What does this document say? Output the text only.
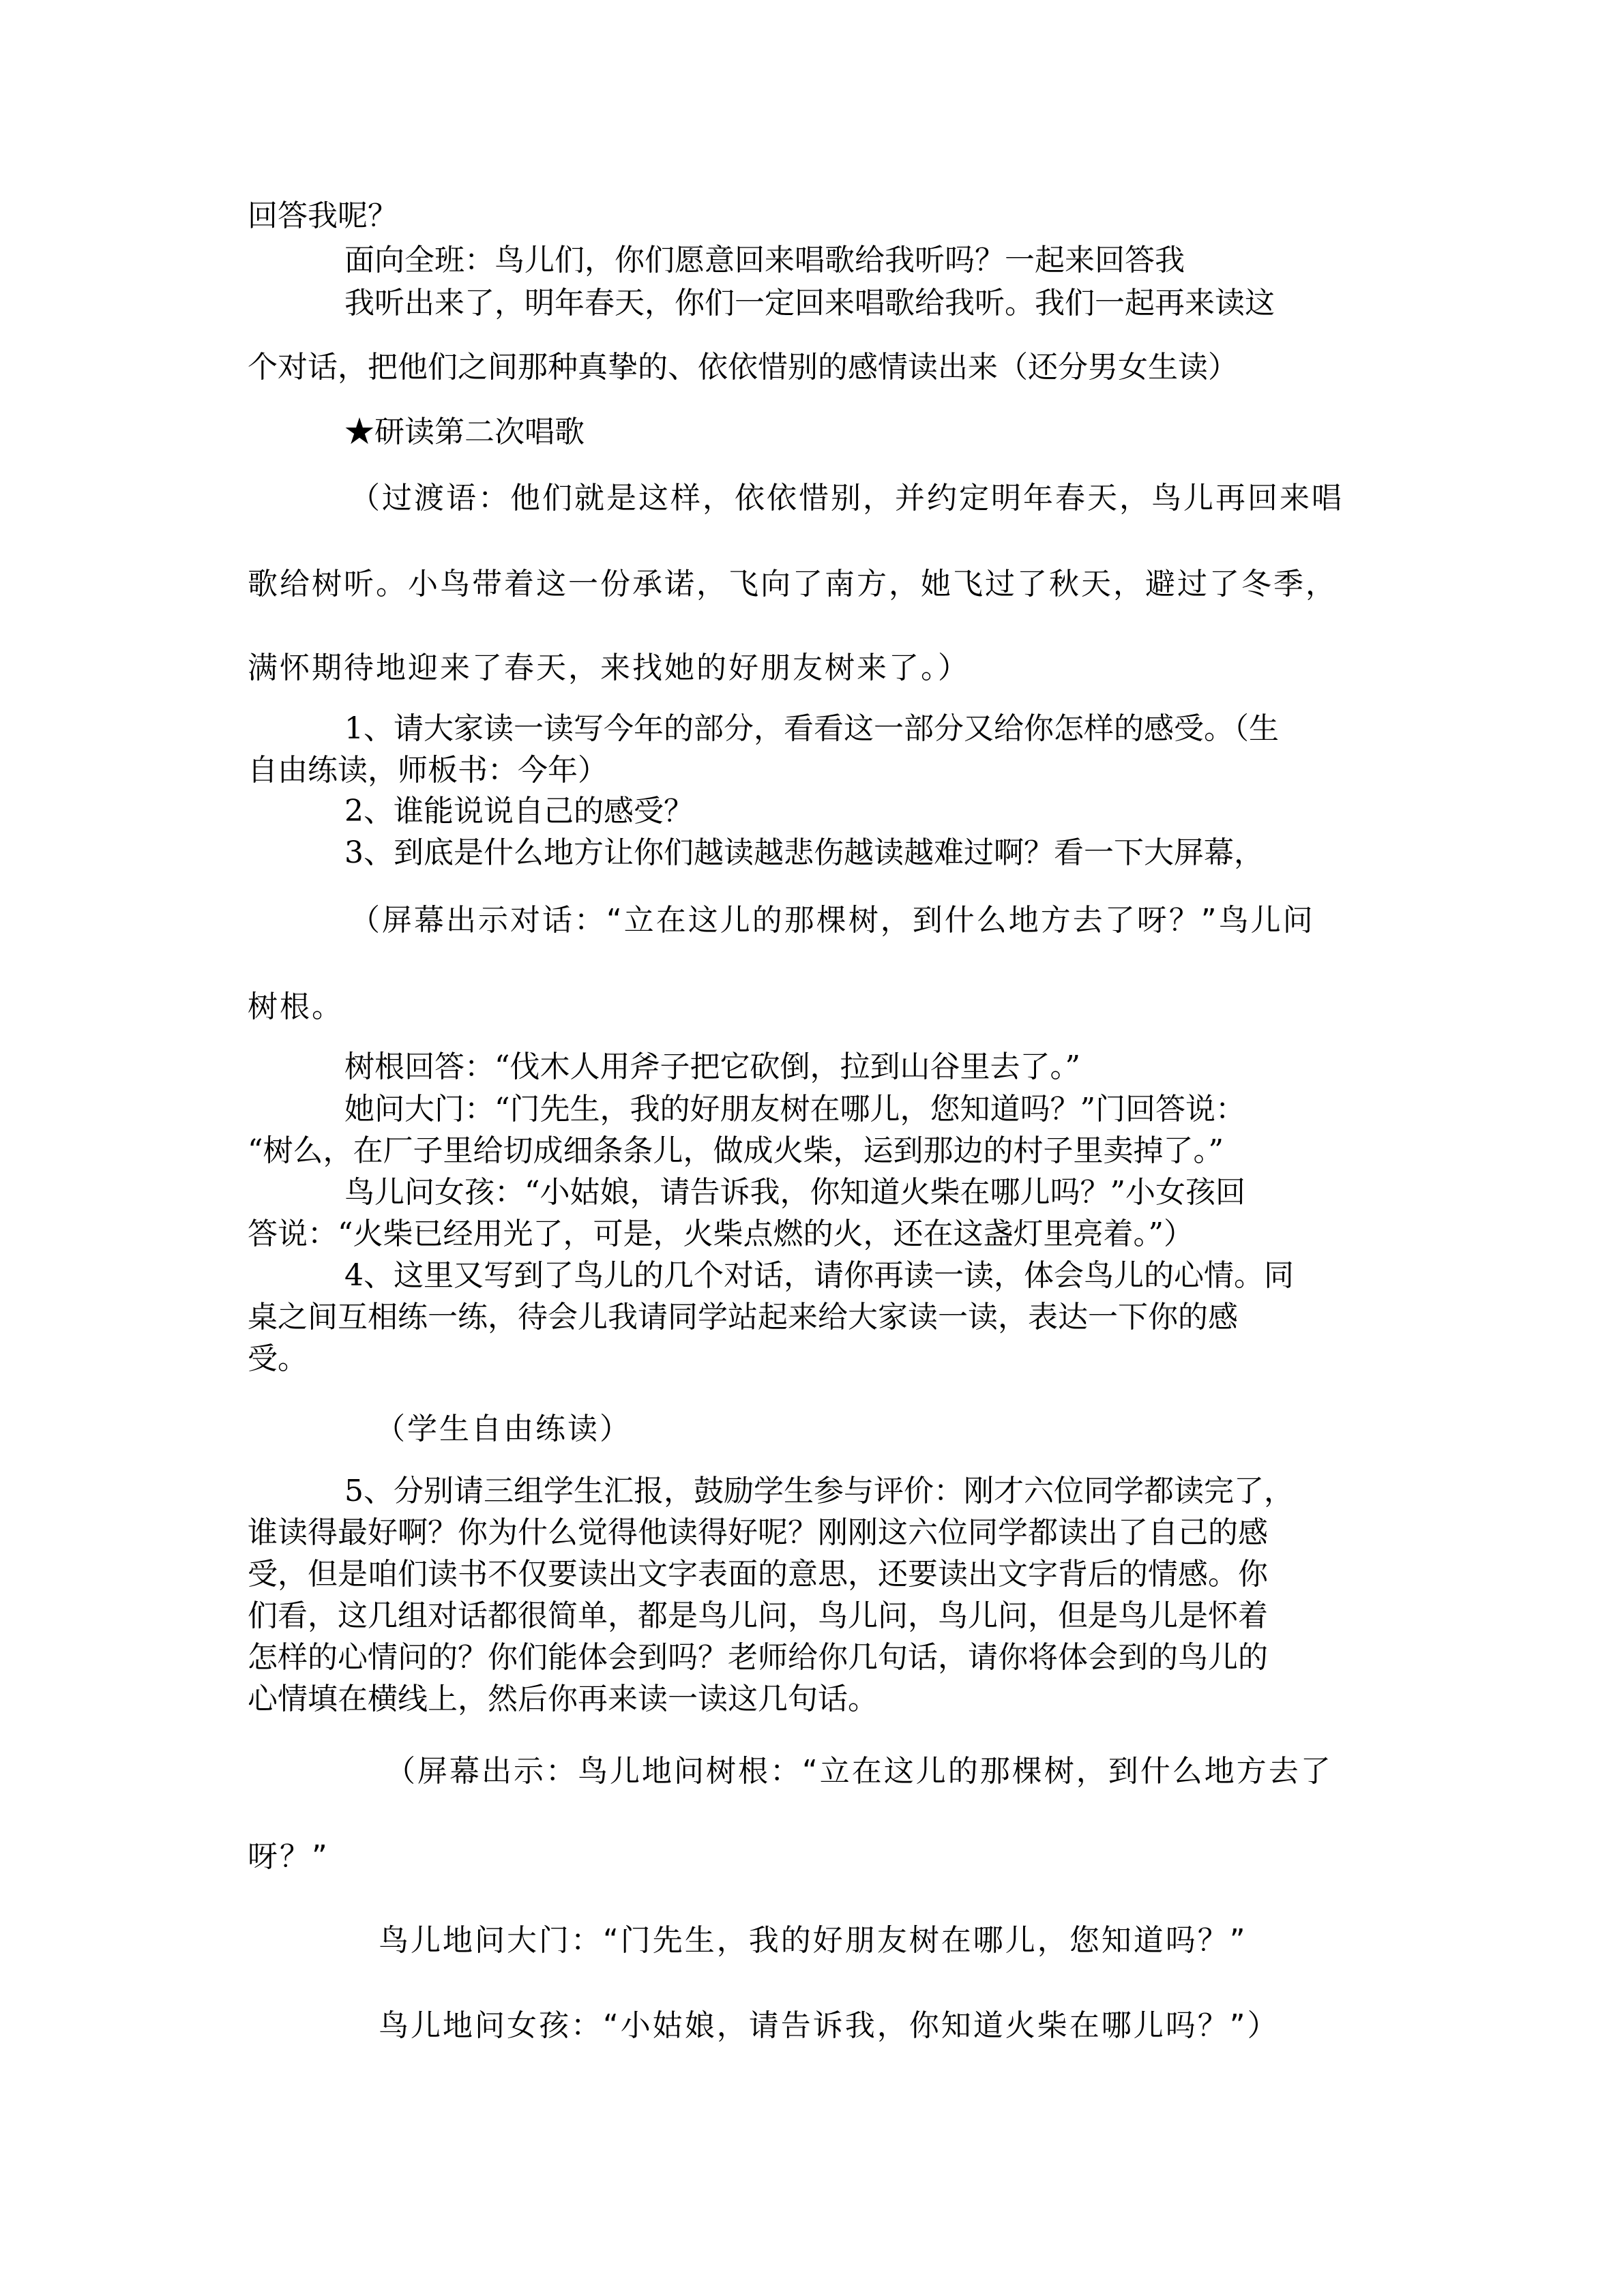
回答我呢？

面向全班：鸟儿们，你们愿意回来唱歌给我听吗？一起来回答我

我听出来了，明年春天，你们一定回来唱歌给我听。我们一起再来读这

个对话，把他们之间那种真挚的、依依惜别的感情读出来（还分男女生读）

★研读第二次唱歌

（过渡语：他们就是这样，依依惜别，并约定明年春天，鸟儿再回来唱

歌给树听。小鸟带着这一份承诺，飞向了南方，她飞过了秋天，避过了冬季，

满怀期待地迎来了春天，来找她的好朋友树来了。）

1、请大家读一读写今年的部分，看看这一部分又给你怎样的感受。（生

自由练读，师板书：今年）

2、谁能说说自己的感受？

3、到底是什么地方让你们越读越悲伤越读越难过啊？看一下大屏幕，

（屏幕出示对话：“立在这儿的那棵树，到什么地方去了呀？”鸟儿问

树根。

树根回答：“伐木人用斧子把它砍倒，拉到山谷里去了。”

她问大门：“门先生，我的好朋友树在哪儿，您知道吗？”门回答说：

“树么，在厂子里给切成细条条儿，做成火柴，运到那边的村子里卖掉了。”

鸟儿问女孩：“小姑娘，请告诉我，你知道火柴在哪儿吗？”小女孩回

答说：“火柴已经用光了，可是，火柴点燃的火，还在这盏灯里亮着。”）

4、这里又写到了鸟儿的几个对话，请你再读一读，体会鸟儿的心情。同

桌之间互相练一练，待会儿我请同学站起来给大家读一读，表达一下你的感

受。

（学生自由练读）

5、分别请三组学生汇报，鼓励学生参与评价：刚才六位同学都读完了，

谁读得最好啊？你为什么觉得他读得好呢？刚刚这六位同学都读出了自己的感

受，但是咱们读书不仅要读出文字表面的意思，还要读出文字背后的情感。你

们看，这几组对话都很简单，都是鸟儿问，鸟儿问，鸟儿问，但是鸟儿是怀着

怎样的心情问的？你们能体会到吗？老师给你几句话，请你将体会到的鸟儿的

心情填在横线上，然后你再来读一读这几句话。

（屏幕出示：鸟儿地问树根：“立在这儿的那棵树，到什么地方去了

呀？”

鸟儿地问大门：“门先生，我的好朋友树在哪儿，您知道吗？”

鸟儿地问女孩：“小姑娘，请告诉我，你知道火柴在哪儿吗？”）
